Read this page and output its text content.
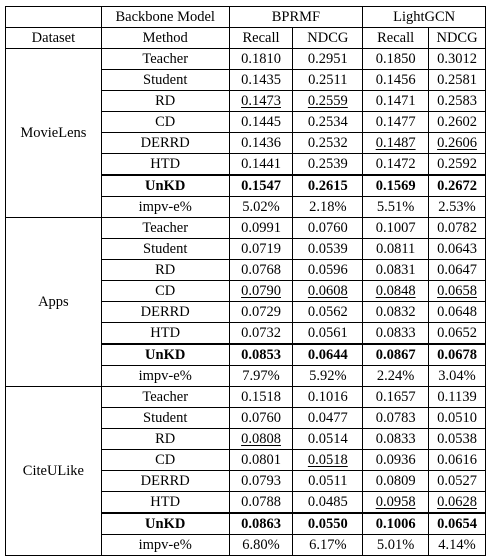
	Backbone Model	BPRMF		LightGCN	
Dataset	Method	Recall	NDCG	Recall	NDCG
MovieLens	Teacher	0.1810	0.2951	0.1850	0.3012
	Student	0.1435	0.2511	0.1456	0.2581
	RD	0.1473	0.2559	0.1471	0.2583
	CD	0.1445	0.2534	0.1477	0.2602
	DERRD	0.1436	0.2532	0.1487	0.2606
	HTD	0.1441	0.2539	0.1472	0.2592
	UnKD	0.1547	0.2615	0.1569	0.2672
	impv-e%	5.02%	2.18%	5.51%	2.53%
Apps	Teacher	0.0991	0.0760	0.1007	0.0782
	Student	0.0719	0.0539	0.0811	0.0643
	RD	0.0768	0.0596	0.0831	0.0647
	CD	0.0790	0.0608	0.0848	0.0658
	DERRD	0.0729	0.0562	0.0832	0.0648
	HTD	0.0732	0.0561	0.0833	0.0652
	UnKD	0.0853	0.0644	0.0867	0.0678
	impv-e%	7.97%	5.92%	2.24%	3.04%
CiteULike	Teacher	0.1518	0.1016	0.1657	0.1139
	Student	0.0760	0.0477	0.0783	0.0510
	RD	0.0808	0.0514	0.0833	0.0538
	CD	0.0801	0.0518	0.0936	0.0616
	DERRD	0.0793	0.0511	0.0809	0.0527
	HTD	0.0788	0.0485	0.0958	0.0628
	UnKD	0.0863	0.0550	0.1006	0.0654
	impv-e%	6.80%	6.17%	5.01%	4.14%
